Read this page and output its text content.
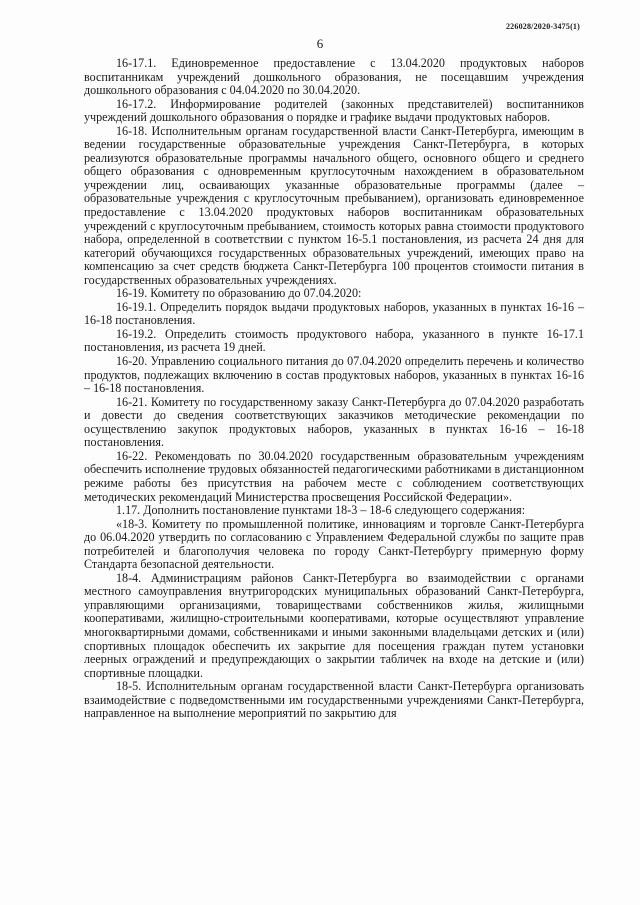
226028/2020-3475(1)
6

16-17.1. Единовременное предоставление с 13.04.2020 продуктовых наборов воспитанникам учреждений дошкольного образования, не посещавшим учреждения дошкольного образования с 04.04.2020 по 30.04.2020.

16-17.2. Информирование родителей (законных представителей) воспитанников учреждений дошкольного образования о порядке и графике выдачи продуктовых наборов.

16-18. Исполнительным органам государственной власти Санкт-Петербурга, имеющим в ведении государственные образовательные учреждения Санкт-Петербурга, в которых реализуются образовательные программы начального общего, основного общего и среднего общего образования с одновременным круглосуточным нахождением в образовательном учреждении лиц, осваивающих указанные образовательные программы (далее – образовательные учреждения с круглосуточным пребыванием), организовать единовременное предоставление с 13.04.2020 продуктовых наборов воспитанникам образовательных учреждений с круглосуточным пребыванием, стоимость которых равна стоимости продуктового набора, определенной в соответствии с пунктом 16-5.1 постановления, из расчета 24 дня для категорий обучающихся государственных образовательных учреждений, имеющих право на компенсацию за счет средств бюджета Санкт-Петербурга 100 процентов стоимости питания в государственных образовательных учреждениях.

16-19. Комитету по образованию до 07.04.2020:

16-19.1. Определить порядок выдачи продуктовых наборов, указанных в пунктах 16-16 – 16-18 постановления.

16-19.2. Определить стоимость продуктового набора, указанного в пункте 16-17.1 постановления, из расчета 19 дней.

16-20. Управлению социального питания до 07.04.2020 определить перечень и количество продуктов, подлежащих включению в состав продуктовых наборов, указанных в пунктах 16-16 – 16-18 постановления.

16-21. Комитету по государственному заказу Санкт-Петербурга до 07.04.2020 разработать и довести до сведения соответствующих заказчиков методические рекомендации по осуществлению закупок продуктовых наборов, указанных в пунктах 16-16 – 16-18 постановления.

16-22. Рекомендовать по 30.04.2020 государственным образовательным учреждениям обеспечить исполнение трудовых обязанностей педагогическими работниками в дистанционном режиме работы без присутствия на рабочем месте с соблюдением соответствующих методических рекомендаций Министерства просвещения Российской Федерации».

1.17. Дополнить постановление пунктами 18-3 – 18-6 следующего содержания:

«18-3. Комитету по промышленной политике, инновациям и торговле Санкт-Петербурга до 06.04.2020 утвердить по согласованию с Управлением Федеральной службы по защите прав потребителей и благополучия человека по городу Санкт-Петербургу примерную форму Стандарта безопасной деятельности.

18-4. Администрациям районов Санкт-Петербурга во взаимодействии с органами местного самоуправления внутригородских муниципальных образований Санкт-Петербурга, управляющими организациями, товариществами собственников жилья, жилищными кооперативами, жилищно-строительными кооперативами, которые осуществляют управление многоквартирными домами, собственниками и иными законными владельцами детских и (или) спортивных площадок обеспечить их закрытие для посещения граждан путем установки леерных ограждений и предупреждающих о закрытии табличек на входе на детские и (или) спортивные площадки.

18-5. Исполнительным органам государственной власти Санкт-Петербурга организовать взаимодействие с подведомственными им государственными учреждениями Санкт-Петербурга, направленное на выполнение мероприятий по закрытию для
